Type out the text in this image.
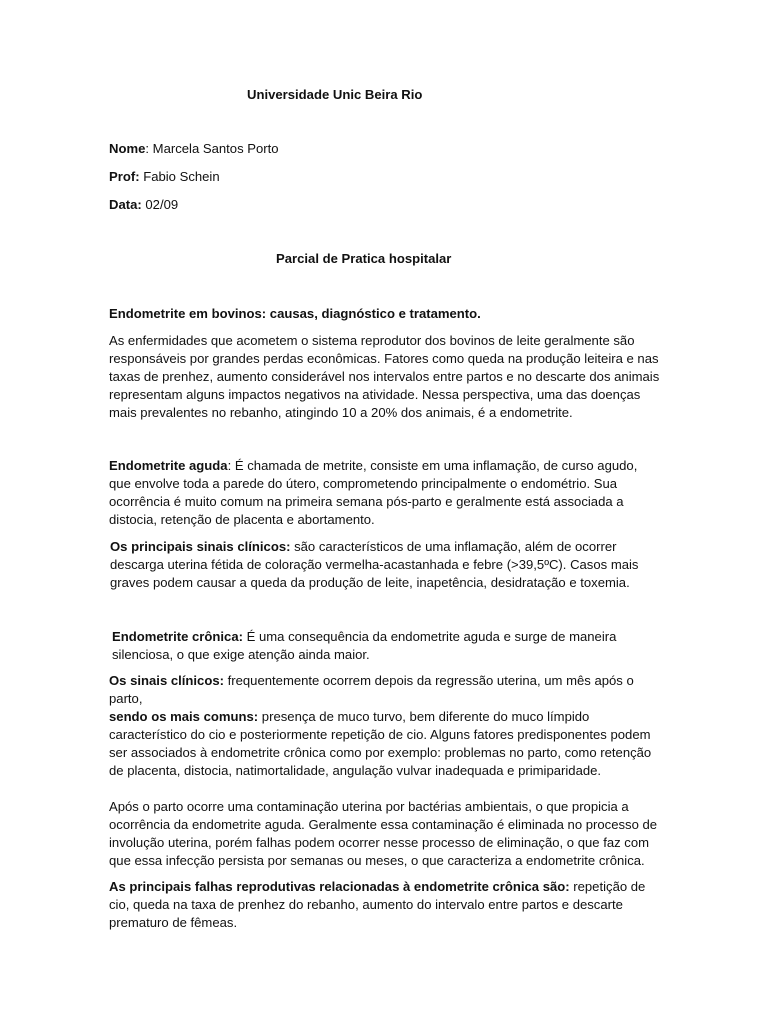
Universidade Unic Beira Rio

Nome: Marcela Santos Porto

Prof: Fabio Schein

Data: 02/09

Parcial de Pratica hospitalar

Endometrite em bovinos: causas, diagnóstico e tratamento.

As enfermidades que acometem o sistema reprodutor dos bovinos de leite geralmente são responsáveis por grandes perdas econômicas. Fatores como queda na produção leiteira e nas taxas de prenhez, aumento considerável nos intervalos entre partos e no descarte dos animais representam alguns impactos negativos na atividade. Nessa perspectiva, uma das doenças mais prevalentes no rebanho, atingindo 10 a 20% dos animais, é a endometrite.

Endometrite aguda: É chamada de metrite, consiste em uma inflamação, de curso agudo, que envolve toda a parede do útero, comprometendo principalmente o endométrio. Sua ocorrência é muito comum na primeira semana pós-parto e geralmente está associada a distocia, retenção de placenta e abortamento.

Os principais sinais clínicos: são característicos de uma inflamação, além de ocorrer descarga uterina fétida de coloração vermelha-acastanhada e febre (>39,5ºC). Casos mais graves podem causar a queda da produção de leite, inapetência, desidratação e toxemia.

Endometrite crônica: É uma consequência da endometrite aguda e surge de maneira silenciosa, o que exige atenção ainda maior.

Os sinais clínicos: frequentemente ocorrem depois da regressão uterina, um mês após o parto,
sendo os mais comuns: presença de muco turvo, bem diferente do muco límpido característico do cio e posteriormente repetição de cio. Alguns fatores predisponentes podem ser associados à endometrite crônica como por exemplo: problemas no parto, como retenção de placenta, distocia, natimortalidade, angulação vulvar inadequada e primiparidade.

Após o parto ocorre uma contaminação uterina por bactérias ambientais, o que propicia a ocorrência da endometrite aguda. Geralmente essa contaminação é eliminada no processo de involução uterina, porém falhas podem ocorrer nesse processo de eliminação, o que faz com que essa infecção persista por semanas ou meses, o que caracteriza a endometrite crônica.

As principais falhas reprodutivas relacionadas à endometrite crônica são: repetição de cio, queda na taxa de prenhez do rebanho, aumento do intervalo entre partos e descarte prematuro de fêmeas.
